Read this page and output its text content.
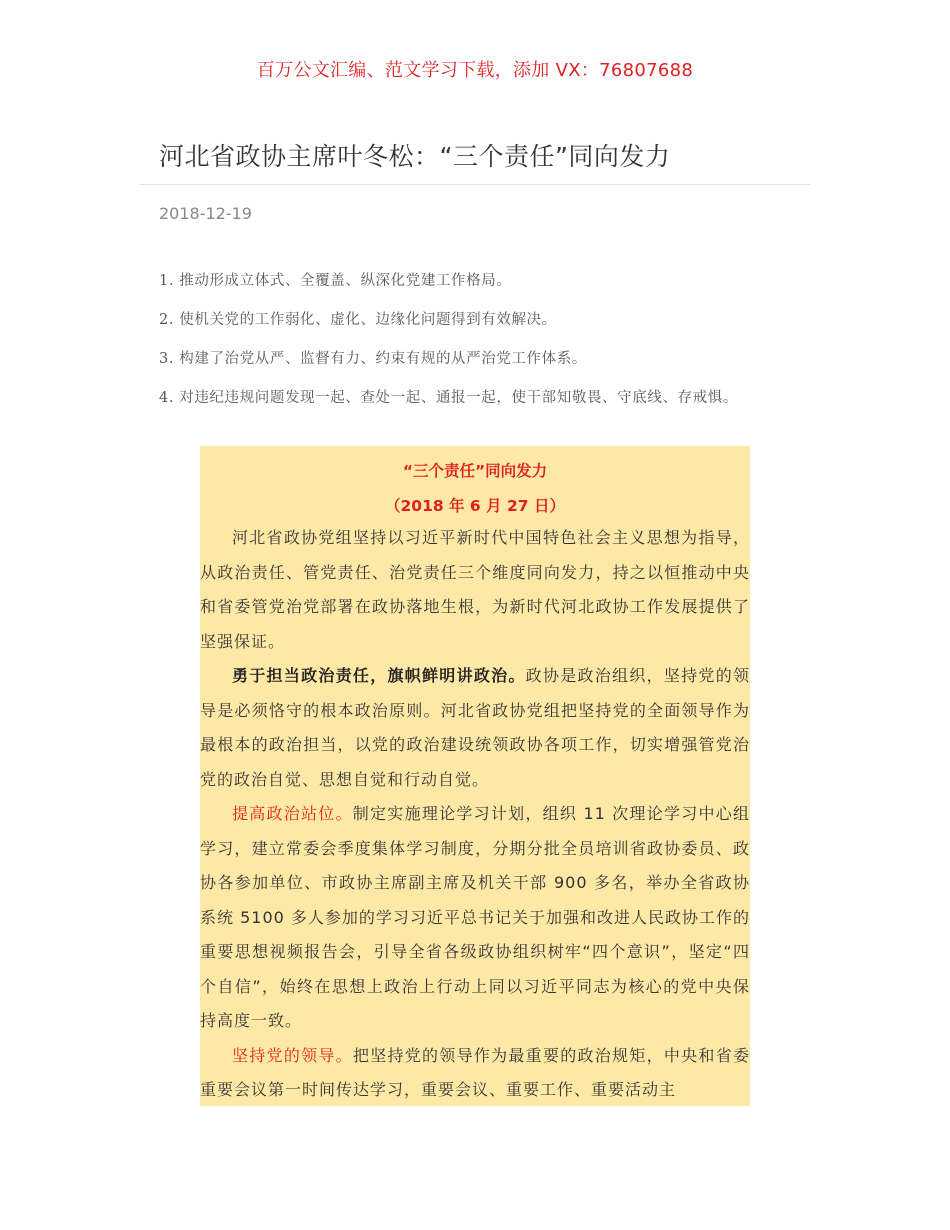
百万公文汇编、范文学习下载，添加 VX：76807688
河北省政协主席叶冬松：“三个责任”同向发力
2018-12-19
1. 推动形成立体式、全覆盖、纵深化党建工作格局。
2. 使机关党的工作弱化、虚化、边缘化问题得到有效解决。
3. 构建了治党从严、监督有力、约束有规的从严治党工作体系。
4. 对违纪违规问题发现一起、查处一起、通报一起，使干部知敬畏、守底线、存戒惧。
“三个责任”同向发力
（2018 年 6 月 27 日）

河北省政协党组坚持以习近平新时代中国特色社会主义思想为指导，从政治责任、管党责任、治党责任三个维度同向发力，持之以恒推动中央和省委管党治党部署在政协落地生根，为新时代河北政协工作发展提供了坚强保证。

勇于担当政治责任，旗帜鲜明讲政治。政协是政治组织，坚持党的领导是必须恪守的根本政治原则。河北省政协党组把坚持党的全面领导作为最根本的政治担当，以党的政治建设统领政协各项工作，切实增强管党治党的政治自觉、思想自觉和行动自觉。

提高政治站位。制定实施理论学习计划，组织 11 次理论学习中心组学习，建立常委会季度集体学习制度，分期分批全员培训省政协委员、政协各参加单位、市政协主席副主席及机关干部 900 多名，举办全省政协系统 5100 多人参加的学习习近平总书记关于加强和改进人民政协工作的重要思想视频报告会，引导全省各级政协组织树牢“四个意识”，坚定“四个自信”，始终在思想上政治上行动上同以习近平同志为核心的党中央保持高度一致。

坚持党的领导。把坚持党的领导作为最重要的政治规矩，中央和省委重要会议第一时间传达学习，重要会议、重要工作、重要活动主
